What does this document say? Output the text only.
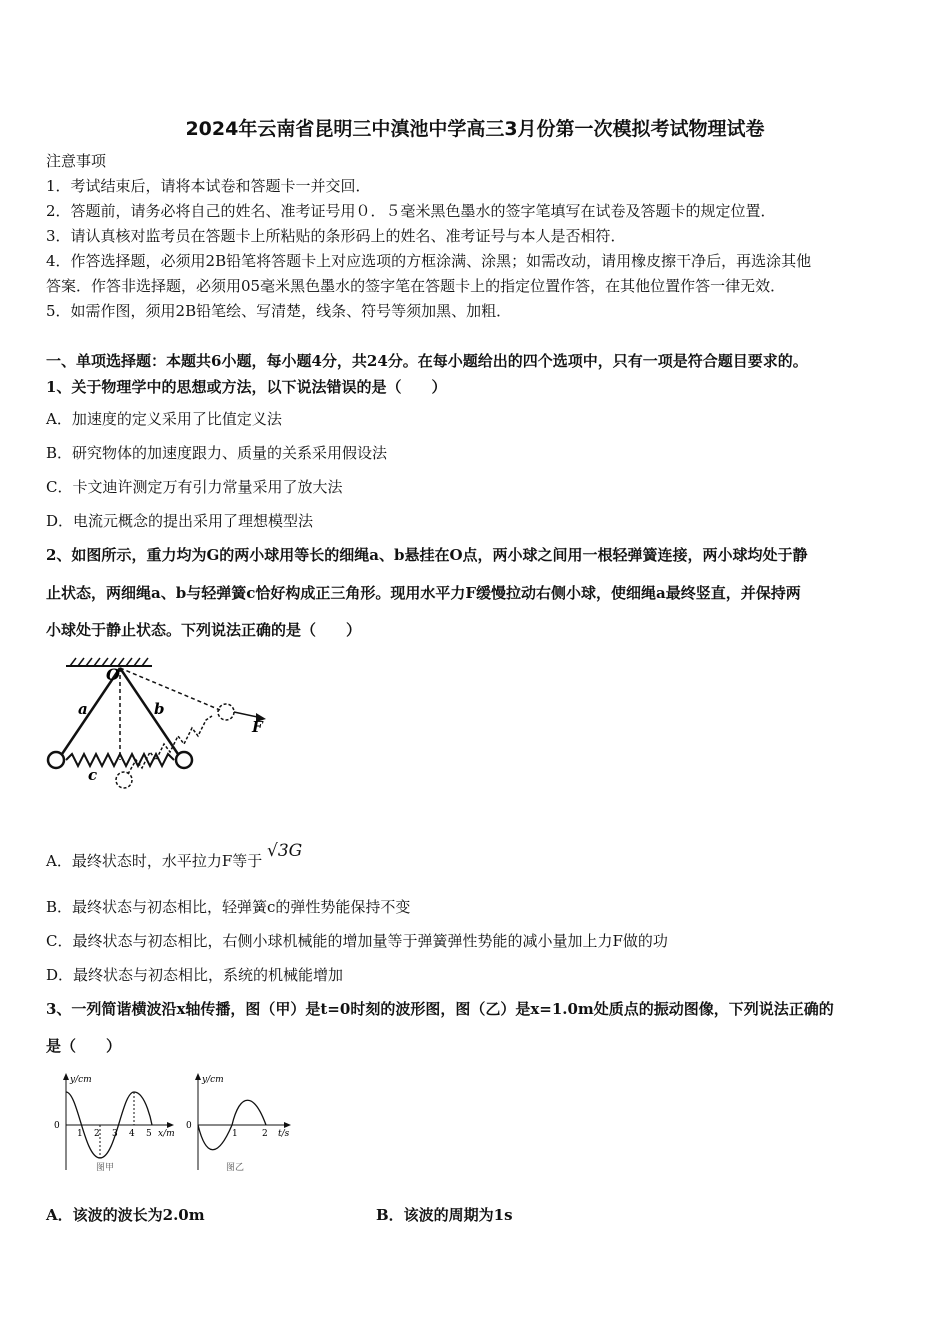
2024年云南省昆明三中滇池中学高三3月份第一次模拟考试物理试卷
注意事项
1．考试结束后，请将本试卷和答题卡一并交回．
2．答题前，请务必将自己的姓名、准考证号用０．５毫米黑色墨水的签字笔填写在试卷及答题卡的规定位置．
3．请认真核对监考员在答题卡上所粘贴的条形码上的姓名、准考证号与本人是否相符．
4．作答选择题，必须用2B铅笔将答题卡上对应选项的方框涂满、涂黑；如需改动，请用橡皮擦干净后，再选涂其他
答案．作答非选择题，必须用05毫米黑色墨水的签字笔在答题卡上的指定位置作答，在其他位置作答一律无效．
5．如需作图，须用2B铅笔绘、写清楚，线条、符号等须加黑、加粗．
一、单项选择题：本题共6小题，每小题4分，共24分。在每小题给出的四个选项中，只有一项是符合题目要求的。
1、关于物理学中的思想或方法，以下说法错误的是（　　）
A．加速度的定义采用了比值定义法
B．研究物体的加速度跟力、质量的关系采用假设法
C．卡文迪许测定万有引力常量采用了放大法
D．电流元概念的提出采用了理想模型法
2、如图所示，重力均为G的两小球用等长的细绳a、b悬挂在O点，两小球之间用一根轻弹簧连接，两小球均处于静
止状态，两细绳a、b与轻弹簧c恰好构成正三角形。现用水平力F缓慢拉动右侧小球，使细绳a最终竖直，并保持两
小球处于静止状态。下列说法正确的是（　　）
O
a	b
c
F
A．最终状态时，水平拉力F等于 √3G
B．最终状态与初态相比，轻弹簧c的弹性势能保持不变
C．最终状态与初态相比，右侧小球机械能的增加量等于弹簧弹性势能的减小量加上力F做的功
D．最终状态与初态相比，系统的机械能增加
3、一列简谐横波沿x轴传播，图（甲）是t=0时刻的波形图，图（乙）是x=1.0m处质点的振动图像，下列说法正确的
是（　　）
y/cm
0
1 2 3 4 5 x/m
图甲
y/cm
0
1	2 t/s
图乙
A．该波的波长为2.0m	B．该波的周期为1s
